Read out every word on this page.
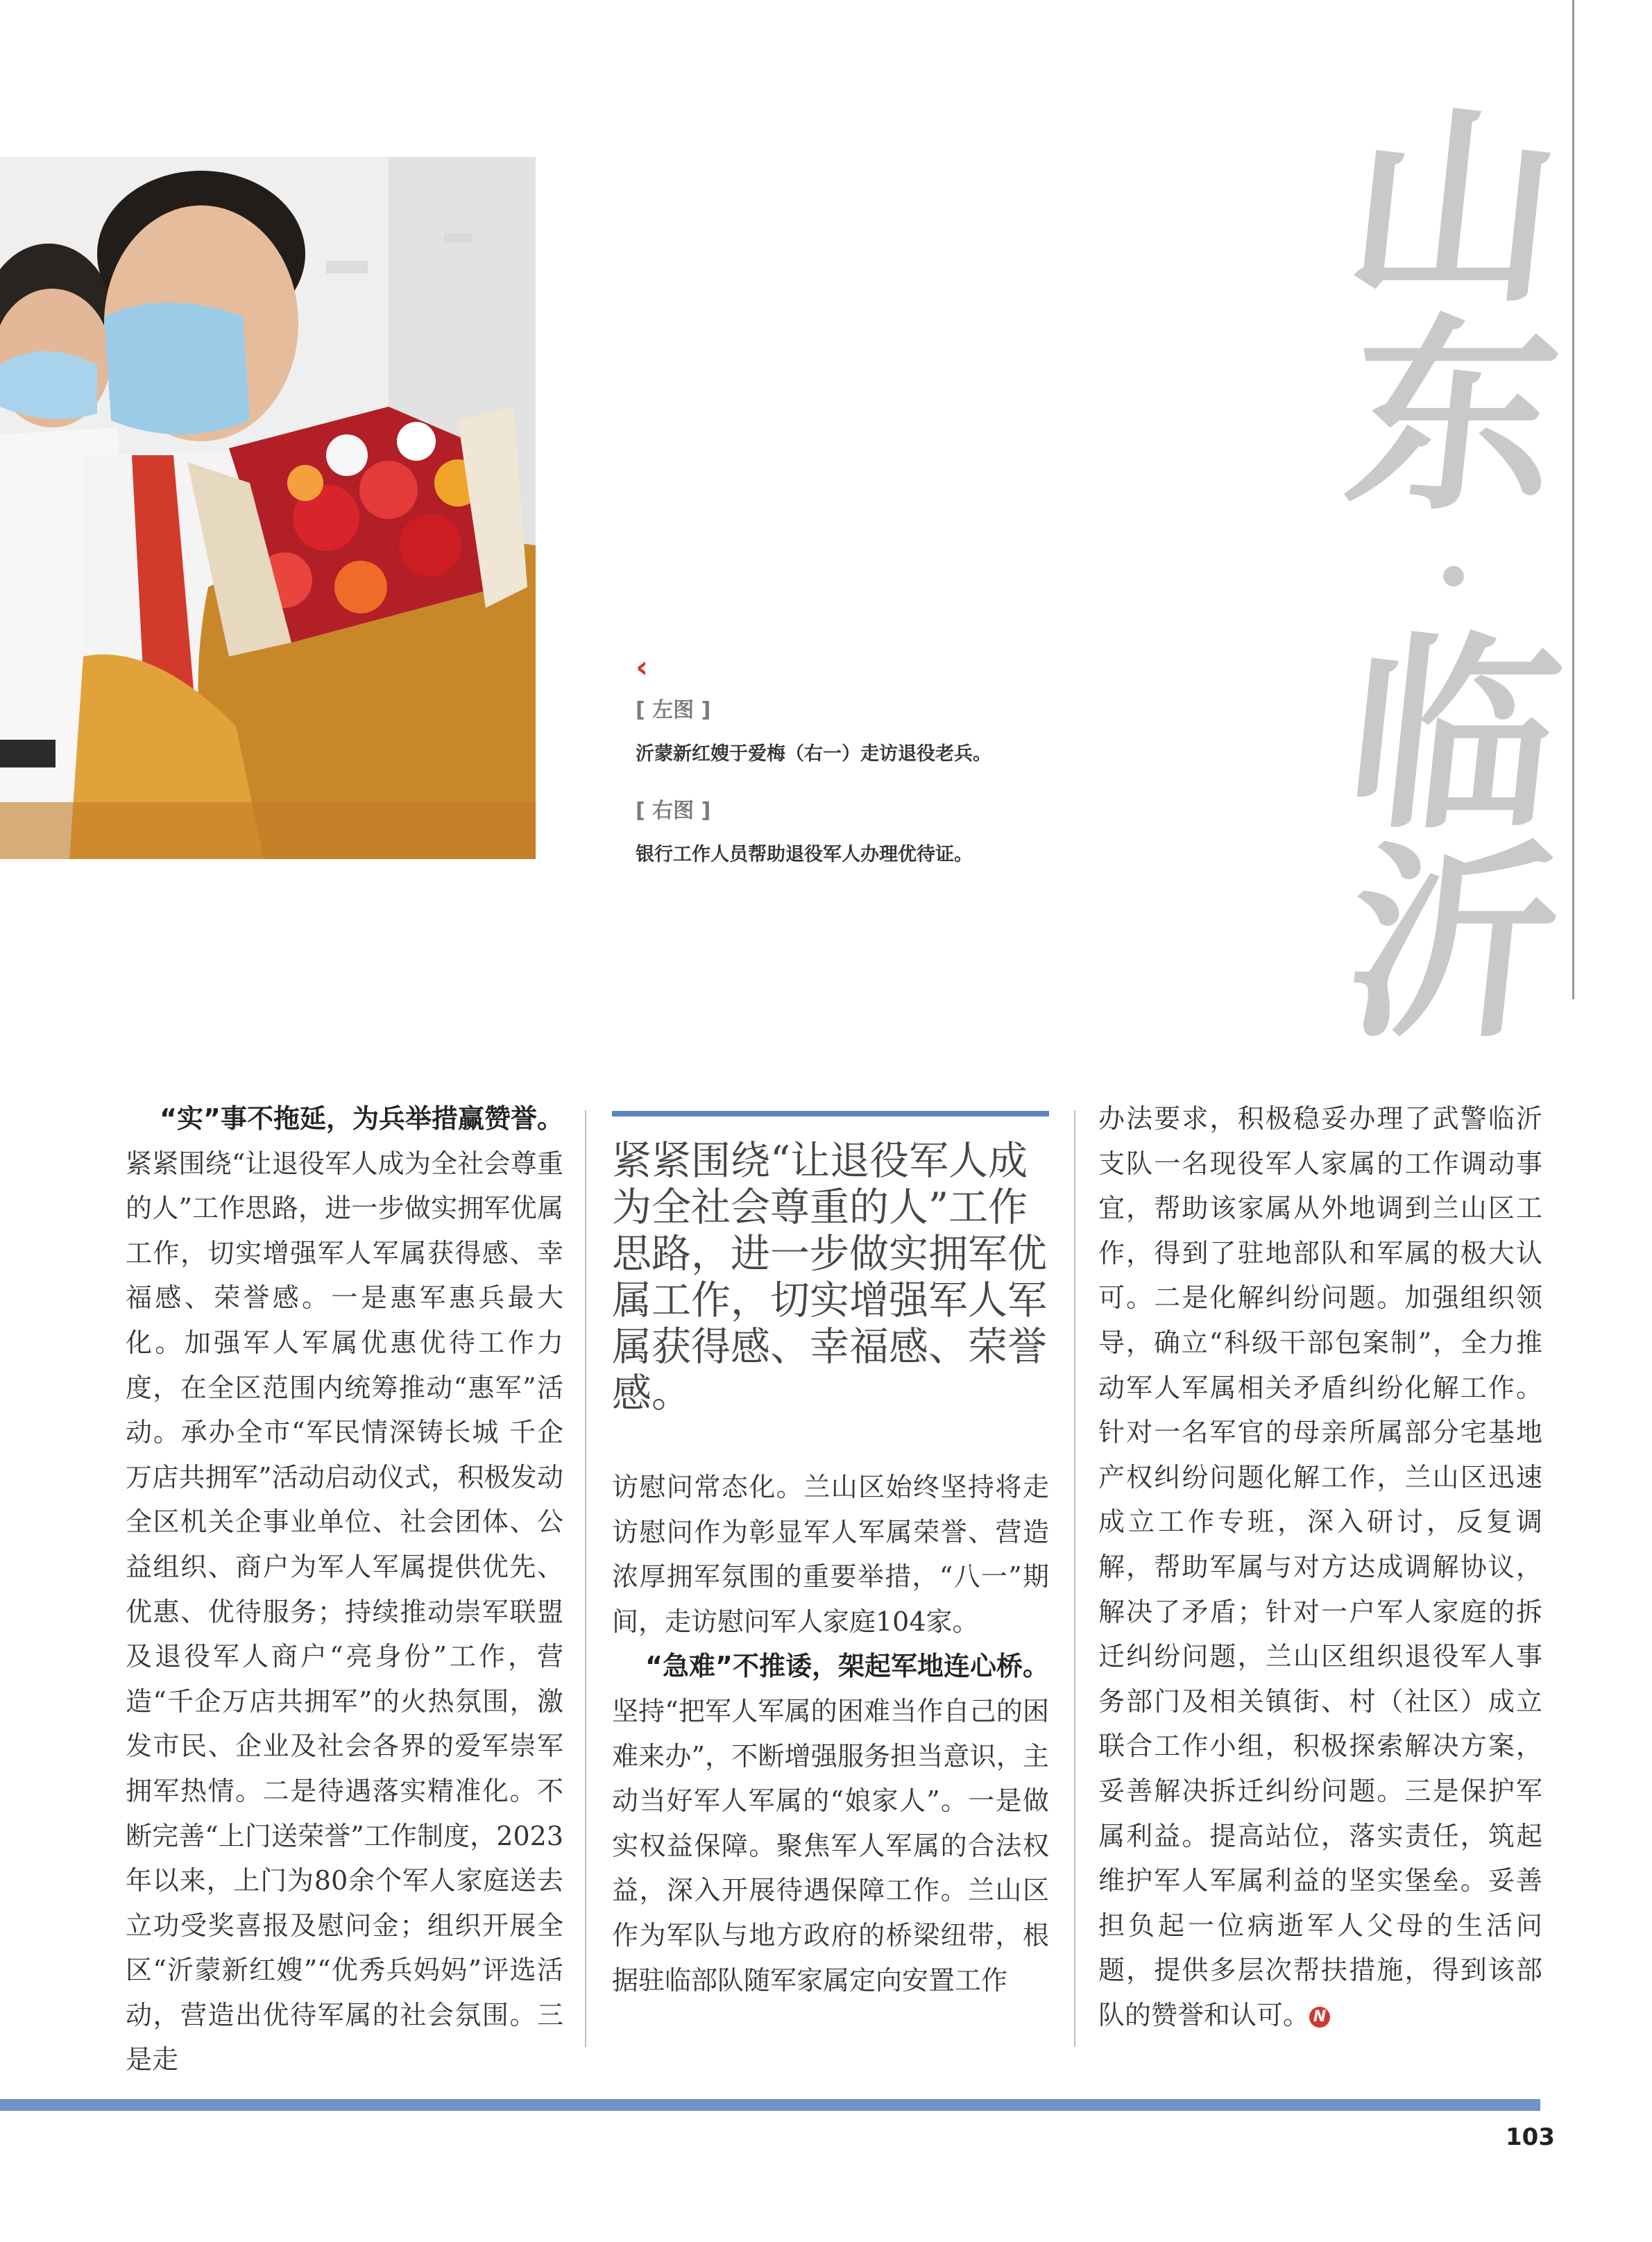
山
东
·
临
沂
‹
[ 左图 ]
沂蒙新红嫂于爱梅（右一）走访退役老兵。
[ 右图 ]
银行工作人员帮助退役军人办理优待证。
“实”事不拖延，为兵举措赢赞誉。

紧紧围绕“让退役军人成为全社会尊重的人”工作思路，进一步做实拥军优属工作，切实增强军人军属获得感、幸福感、荣誉感。一是惠军惠兵最大化。加强军人军属优惠优待工作力度，在全区范围内统筹推动“惠军”活动。承办全市“军民情深铸长城 千企万店共拥军”活动启动仪式，积极发动全区机关企事业单位、社会团体、公益组织、商户为军人军属提供优先、优惠、优待服务；持续推动崇军联盟及退役军人商户“亮身份”工作，营造“千企万店共拥军”的火热氛围，激发市民、企业及社会各界的爱军崇军拥军热情。二是待遇落实精准化。不断完善“上门送荣誉”工作制度，2023年以来，上门为80余个军人家庭送去立功受奖喜报及慰问金；组织开展全区“沂蒙新红嫂”“优秀兵妈妈”评选活动，营造出优待军属的社会氛围。三是走

紧紧围绕“让退役军人成为全社会尊重的人”工作思路，进一步做实拥军优属工作，切实增强军人军属获得感、幸福感、荣誉感。

访慰问常态化。兰山区始终坚持将走访慰问作为彰显军人军属荣誉、营造浓厚拥军氛围的重要举措，“八一”期间，走访慰问军人家庭104家。

“急难”不推诿，架起军地连心桥。

坚持“把军人军属的困难当作自己的困难来办”，不断增强服务担当意识，主动当好军人军属的“娘家人”。一是做实权益保障。聚焦军人军属的合法权益，深入开展待遇保障工作。兰山区作为军队与地方政府的桥梁纽带，根据驻临部队随军家属定向安置工作

办法要求，积极稳妥办理了武警临沂支队一名现役军人家属的工作调动事宜，帮助该家属从外地调到兰山区工作，得到了驻地部队和军属的极大认可。二是化解纠纷问题。加强组织领导，确立“科级干部包案制”，全力推动军人军属相关矛盾纠纷化解工作。针对一名军官的母亲所属部分宅基地产权纠纷问题化解工作，兰山区迅速成立工作专班，深入研讨，反复调解，帮助军属与对方达成调解协议，解决了矛盾；针对一户军人家庭的拆迁纠纷问题，兰山区组织退役军人事务部门及相关镇街、村（社区）成立联合工作小组，积极探索解决方案，妥善解决拆迁纠纷问题。三是保护军属利益。提高站位，落实责任，筑起维护军人军属利益的坚实堡垒。妥善担负起一位病逝军人父母的生活问题，提供多层次帮扶措施，得到该部队的赞誉和认可。 N

103
